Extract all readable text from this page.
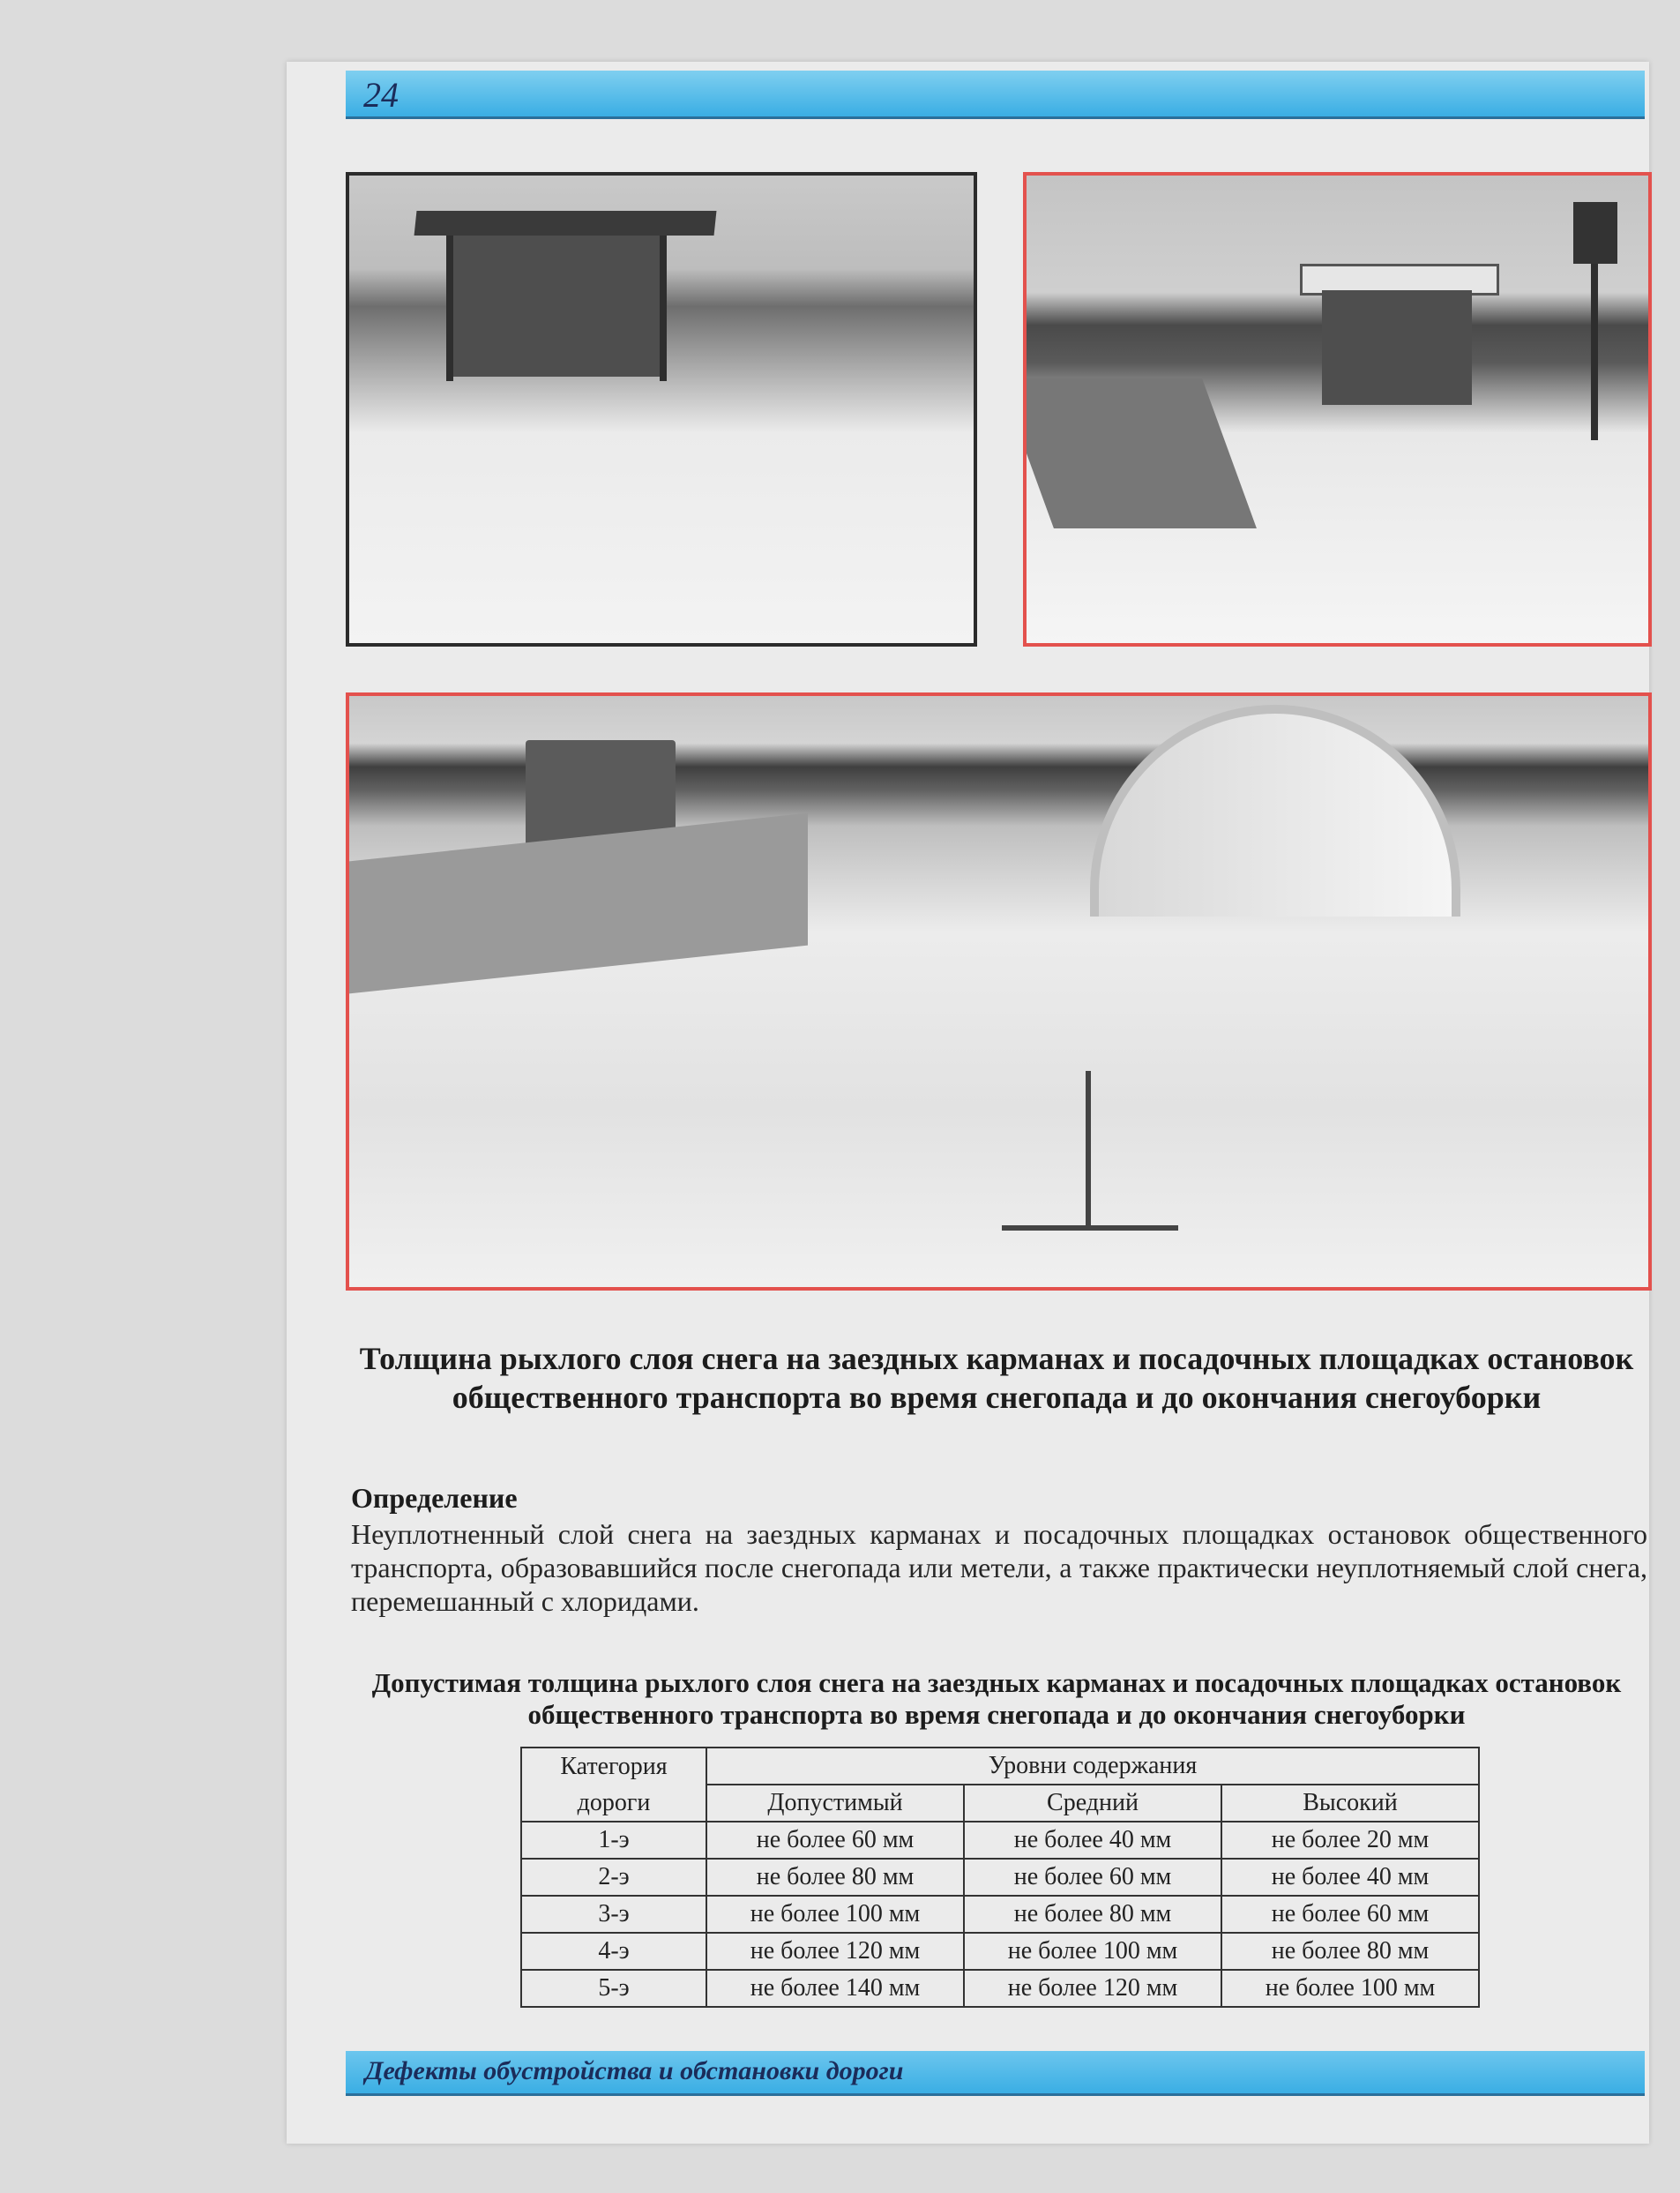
24
Толщина рыхлого слоя снега на заездных карманах и посадочных площадках остановок общественного транспорта во время снегопада и до окончания снегоуборки
Определение
Неуплотненный слой снега на заездных карманах и посадочных площадках остановок общественного транспорта, образовавшийся после снегопада или метели, а также практически неуплотняемый слой снега, перемешанный с хлоридами.
Допустимая толщина рыхлого слоя снега на заездных карманах и посадочных площадках остановок общественного транспорта во время снегопада и до окончания снегоуборки
Категория	Уровни содержания		
дороги	Допустимый	Средний	Высокий
1-э	не более 60 мм	не более 40 мм	не более 20 мм
2-э	не более 80 мм	не более 60 мм	не более 40 мм
3-э	не более 100 мм	не более 80 мм	не более 60 мм
4-э	не более 120 мм	не более 100 мм	не более 80 мм
5-э	не более 140 мм	не более 120 мм	не более 100 мм
Дефекты обустройства и обстановки дороги
